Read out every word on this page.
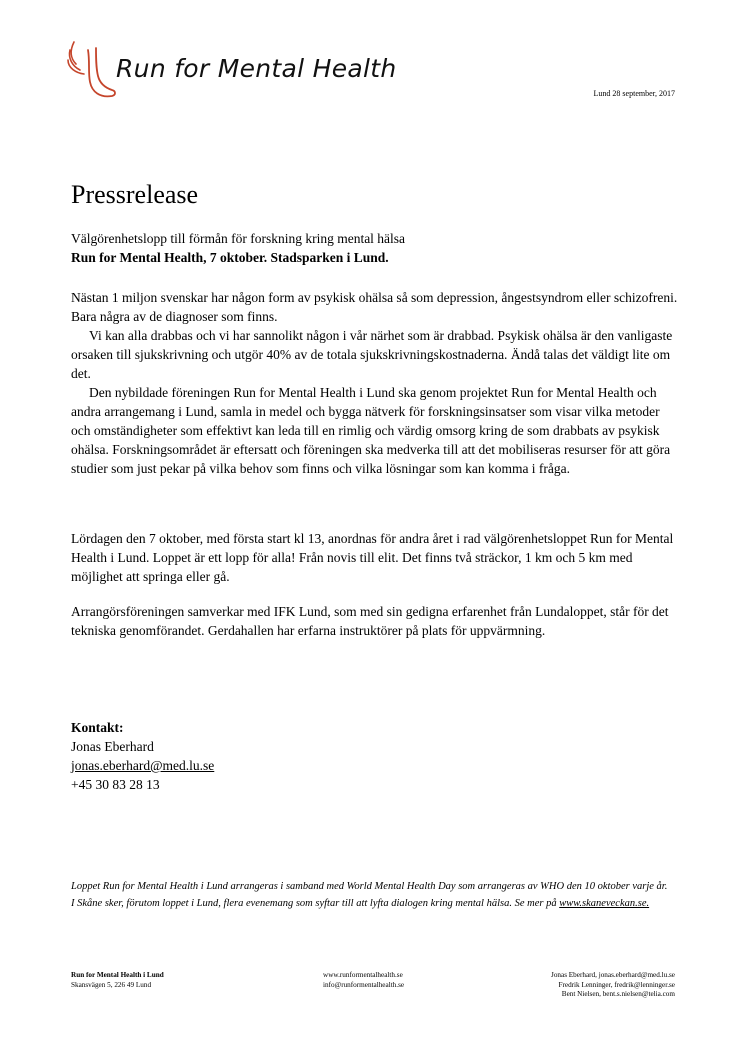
Run for Mental Health
Lund 28 september, 2017
Pressrelease
Välgörenhetslopp till förmån för forskning kring mental hälsa
Run for Mental Health, 7 oktober. Stadsparken i Lund.

Nästan 1 miljon svenskar har någon form av psykisk ohälsa så som depression, ångestsyndrom eller schizofreni. Bara några av de diagnoser som finns.

Vi kan alla drabbas och vi har sannolikt någon i vår närhet som är drabbad. Psykisk ohälsa är den vanligaste orsaken till sjukskrivning och utgör 40% av de totala sjukskrivningskostnaderna. Ändå talas det väldigt lite om det.

Den nybildade föreningen Run for Mental Health i Lund ska genom projektet Run for Mental Health och andra arrangemang i Lund, samla in medel och bygga nätverk för forskningsinsatser som visar vilka metoder och omständigheter som effektivt kan leda till en rimlig och värdig omsorg kring de som drabbats av psykisk ohälsa. Forskningsområdet är eftersatt och föreningen ska medverka till att det mobiliseras resurser för att göra studier som just pekar på vilka behov som finns och vilka lösningar som kan komma i fråga.

Lördagen den 7 oktober, med första start kl 13, anordnas för andra året i rad välgörenhetsloppet Run for Mental Health i Lund. Loppet är ett lopp för alla! Från novis till elit. Det finns två sträckor, 1 km och 5 km med möjlighet att springa eller gå.

Arrangörsföreningen samverkar med IFK Lund, som med sin gedigna erfarenhet från Lundaloppet, står för det tekniska genomförandet. Gerdahallen har erfarna instruktörer på plats för uppvärmning.

Kontakt:
Jonas Eberhard
jonas.eberhard@med.lu.se
+45 30 83 28 13
Loppet Run for Mental Health i Lund arrangeras i samband med World Mental Health Day som arrangeras av WHO den 10 oktober varje år. I Skåne sker, förutom loppet i Lund, flera evenemang som syftar till att lyfta dialogen kring mental hälsa. Se mer på www.skaneveckan.se.
Run for Mental Health i Lund
Skansvägen 5, 226 49 Lund
www.runformentalhealth.se
info@runformentalhealth.se
Jonas Eberhard, jonas.eberhard@med.lu.se
Fredrik Lenninger, fredrik@lenninger.se
Bent Nielsen, bent.s.nielsen@telia.com
